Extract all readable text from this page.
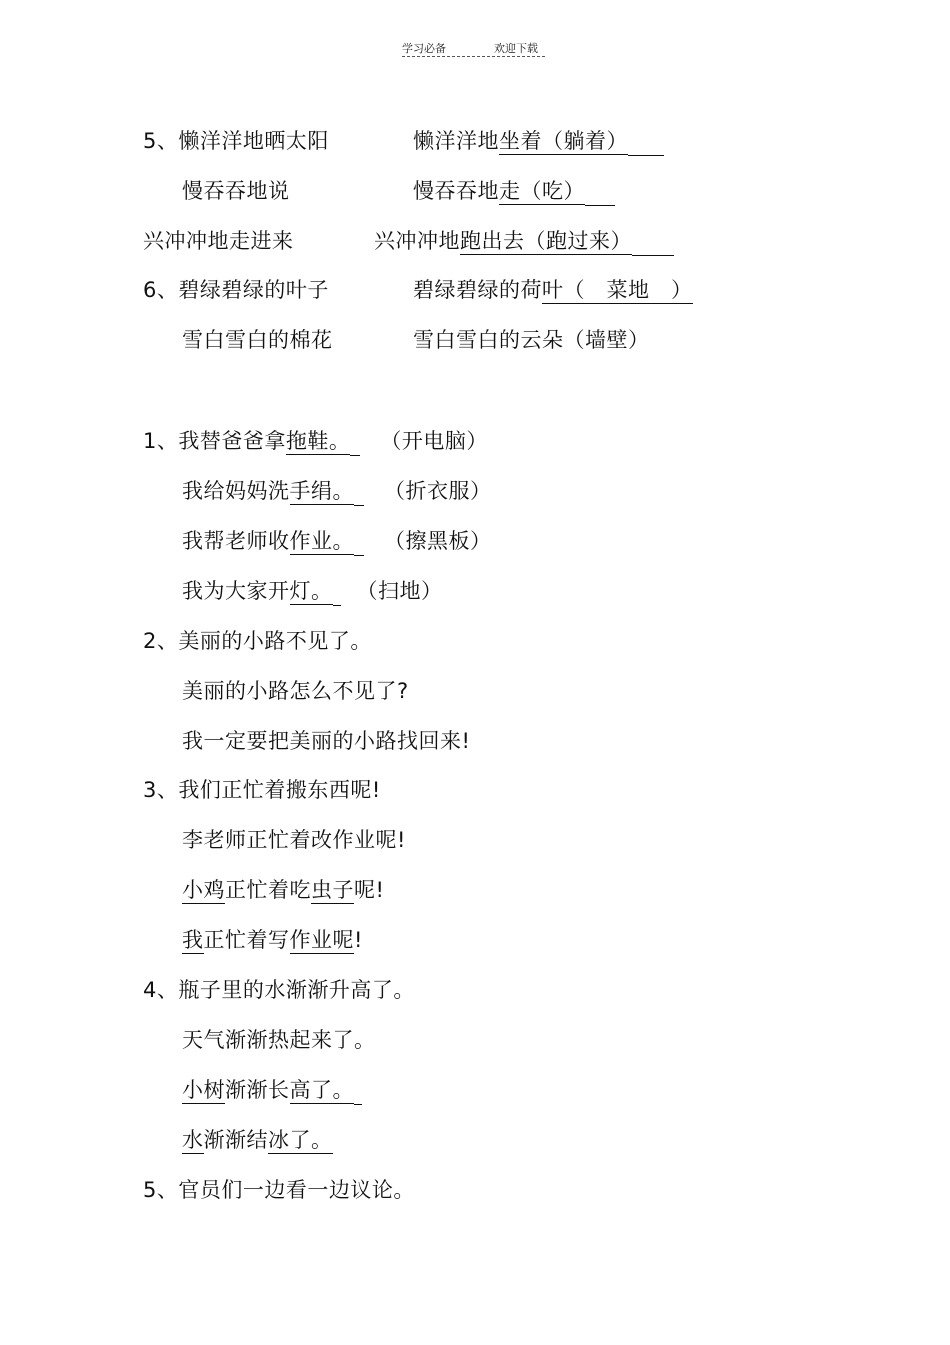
学习必备	欢迎下载
5、懒洋洋地晒太阳	懒洋洋地坐着（躺着）
慢吞吞地说	慢吞吞地走（吃）
兴冲冲地走进来	兴冲冲地跑出去（跑过来）
6、碧绿碧绿的叶子	碧绿碧绿的荷叶（　菜地　）
雪白雪白的棉花	雪白雪白的云朵（墙壁）
1、我替爸爸拿拖鞋。 （开电脑）
我给妈妈洗手绢。 （折衣服）
我帮老师收作业。 （擦黑板）
我为大家开灯。 （扫地）
2、美丽的小路不见了。
美丽的小路怎么不见了?
我一定要把美丽的小路找回来!
3、我们正忙着搬东西呢!
李老师正忙着改作业呢!
小鸡正忙着吃虫子呢!
我正忙着写作业呢!
4、瓶子里的水渐渐升高了。
天气渐渐热起来了。
小树渐渐长高了。
水渐渐结冰了。
5、官员们一边看一边议论。
